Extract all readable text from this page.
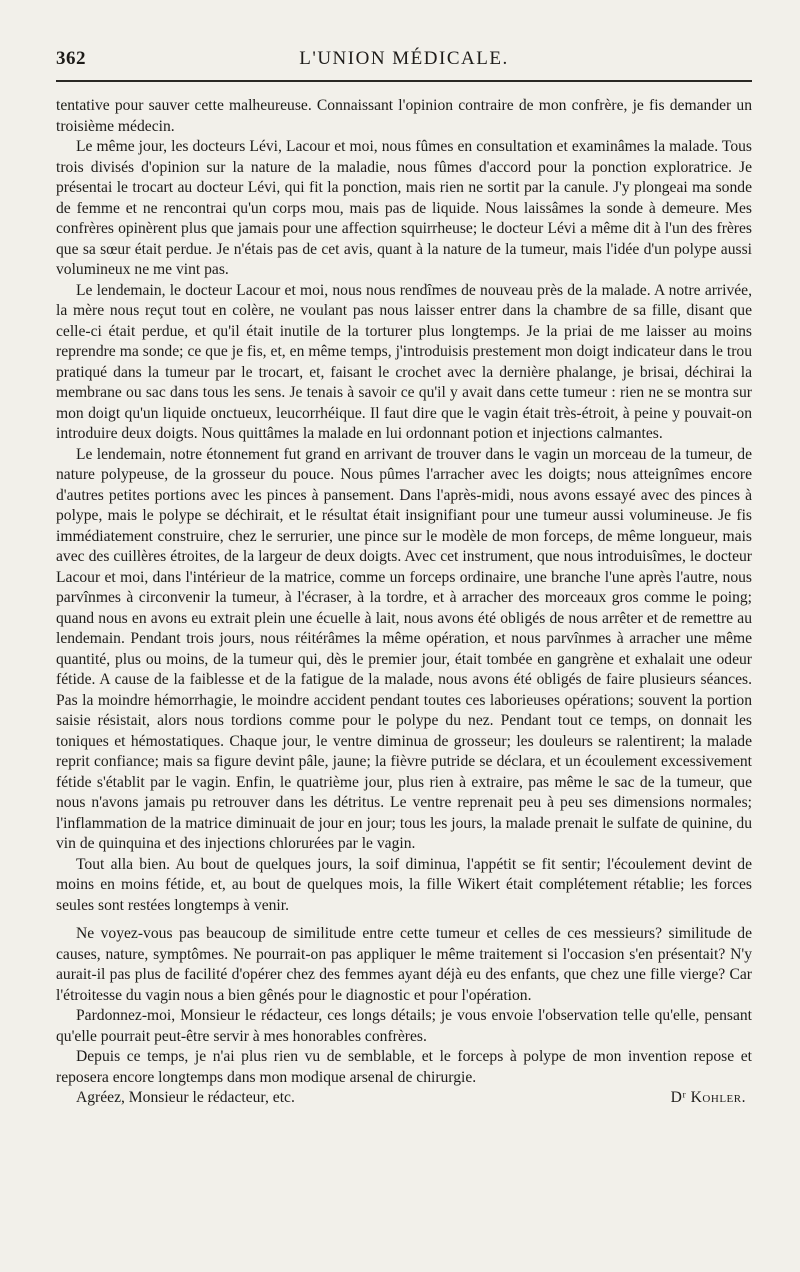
362	L'UNION MÉDICALE.

tentative pour sauver cette malheureuse. Connaissant l'opinion contraire de mon confrère, je fis demander un troisième médecin.

Le même jour, les docteurs Lévi, Lacour et moi, nous fûmes en consultation et examinâmes la malade. Tous trois divisés d'opinion sur la nature de la maladie, nous fûmes d'accord pour la ponction exploratrice. Je présentai le trocart au docteur Lévi, qui fit la ponction, mais rien ne sortit par la canule. J'y plongeai ma sonde de femme et ne rencontrai qu'un corps mou, mais pas de liquide. Nous laissâmes la sonde à demeure. Mes confrères opinèrent plus que jamais pour une affection squirrheuse; le docteur Lévi a même dit à l'un des frères que sa sœur était perdue. Je n'étais pas de cet avis, quant à la nature de la tumeur, mais l'idée d'un polype aussi volumineux ne me vint pas.

Le lendemain, le docteur Lacour et moi, nous nous rendîmes de nouveau près de la malade. A notre arrivée, la mère nous reçut tout en colère, ne voulant pas nous laisser entrer dans la chambre de sa fille, disant que celle-ci était perdue, et qu'il était inutile de la torturer plus longtemps. Je la priai de me laisser au moins reprendre ma sonde; ce que je fis, et, en même temps, j'introduisis prestement mon doigt indicateur dans le trou pratiqué dans la tumeur par le trocart, et, faisant le crochet avec la dernière phalange, je brisai, déchirai la membrane ou sac dans tous les sens. Je tenais à savoir ce qu'il y avait dans cette tumeur : rien ne se montra sur mon doigt qu'un liquide onctueux, leucorrhéique. Il faut dire que le vagin était très-étroit, à peine y pouvait-on introduire deux doigts. Nous quittâmes la malade en lui ordonnant potion et injections calmantes.

Le lendemain, notre étonnement fut grand en arrivant de trouver dans le vagin un morceau de la tumeur, de nature polypeuse, de la grosseur du pouce. Nous pûmes l'arracher avec les doigts; nous atteignîmes encore d'autres petites portions avec les pinces à pansement. Dans l'après-midi, nous avons essayé avec des pinces à polype, mais le polype se déchirait, et le résultat était insignifiant pour une tumeur aussi volumineuse. Je fis immédiatement construire, chez le serrurier, une pince sur le modèle de mon forceps, de même longueur, mais avec des cuillères étroites, de la largeur de deux doigts. Avec cet instrument, que nous introduisîmes, le docteur Lacour et moi, dans l'intérieur de la matrice, comme un forceps ordinaire, une branche l'une après l'autre, nous parvînmes à circonvenir la tumeur, à l'écraser, à la tordre, et à arracher des morceaux gros comme le poing; quand nous en avons eu extrait plein une écuelle à lait, nous avons été obligés de nous arrêter et de remettre au lendemain. Pendant trois jours, nous réitérâmes la même opération, et nous parvînmes à arracher une même quantité, plus ou moins, de la tumeur qui, dès le premier jour, était tombée en gangrène et exhalait une odeur fétide. A cause de la faiblesse et de la fatigue de la malade, nous avons été obligés de faire plusieurs séances. Pas la moindre hémorrhagie, le moindre accident pendant toutes ces laborieuses opérations; souvent la portion saisie résistait, alors nous tordions comme pour le polype du nez. Pendant tout ce temps, on donnait les toniques et hémostatiques. Chaque jour, le ventre diminua de grosseur; les douleurs se ralentirent; la malade reprit confiance; mais sa figure devint pâle, jaune; la fièvre putride se déclara, et un écoulement excessivement fétide s'établit par le vagin. Enfin, le quatrième jour, plus rien à extraire, pas même le sac de la tumeur, que nous n'avons jamais pu retrouver dans les détritus. Le ventre reprenait peu à peu ses dimensions normales; l'inflammation de la matrice diminuait de jour en jour; tous les jours, la malade prenait le sulfate de quinine, du vin de quinquina et des injections chlorurées par le vagin.

Tout alla bien. Au bout de quelques jours, la soif diminua, l'appétit se fit sentir; l'écoulement devint de moins en moins fétide, et, au bout de quelques mois, la fille Wikert était complétement rétablie; les forces seules sont restées longtemps à venir.

Ne voyez-vous pas beaucoup de similitude entre cette tumeur et celles de ces messieurs? similitude de causes, nature, symptômes. Ne pourrait-on pas appliquer le même traitement si l'occasion s'en présentait? N'y aurait-il pas plus de facilité d'opérer chez des femmes ayant déjà eu des enfants, que chez une fille vierge? Car l'étroitesse du vagin nous a bien gênés pour le diagnostic et pour l'opération.

Pardonnez-moi, Monsieur le rédacteur, ces longs détails; je vous envoie l'observation telle qu'elle, pensant qu'elle pourrait peut-être servir à mes honorables confrères.

Depuis ce temps, je n'ai plus rien vu de semblable, et le forceps à polype de mon invention repose et reposera encore longtemps dans mon modique arsenal de chirurgie.

Agréez, Monsieur le rédacteur, etc.	Dʳ Kohler.
